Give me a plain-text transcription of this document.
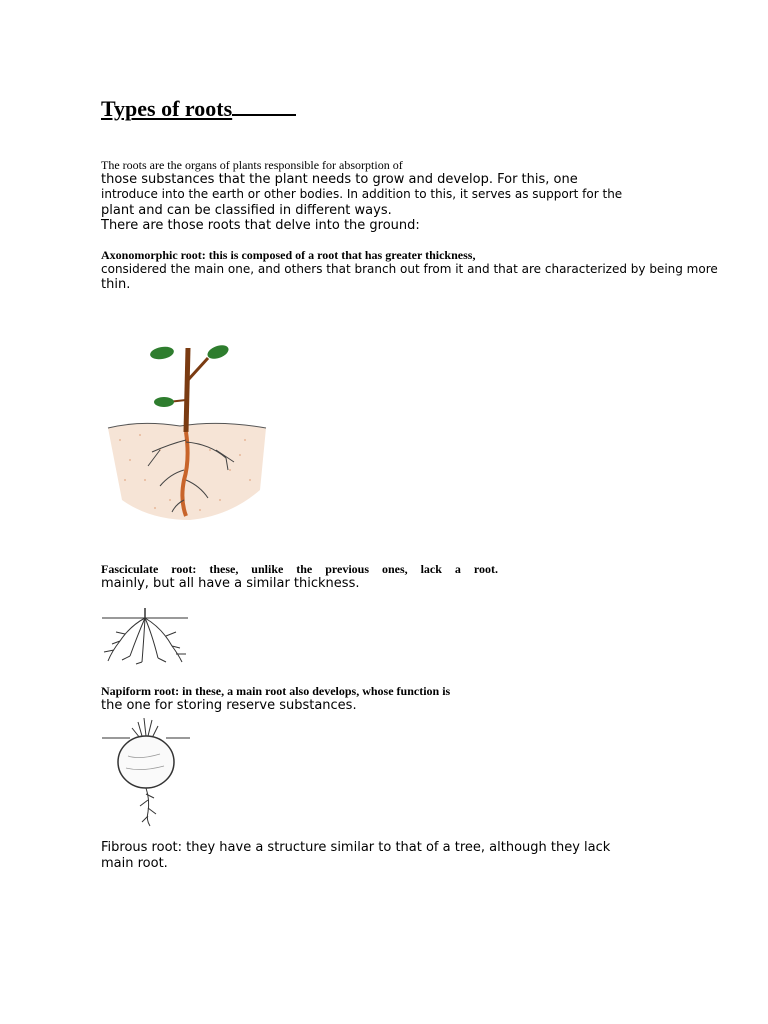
Types of roots

The roots are the organs of plants responsible for absorption of

those substances that the plant needs to grow and develop. For this, one

introduce into the earth or other bodies. In addition to this, it serves as support for the

plant and can be classified in different ways.

There are those roots that delve into the ground:

Axonomorphic root: this is composed of a root that has greater thickness,

considered the main one, and others that branch out from it and that are characterized by being more

thin.

Fasciculate root: these, unlike the previous ones, lack a root.

mainly, but all have a similar thickness.

Napiform root: in these, a main root also develops, whose function is

the one for storing reserve substances.

Fibrous root: they have a structure similar to that of a tree, although they lack

main root.
